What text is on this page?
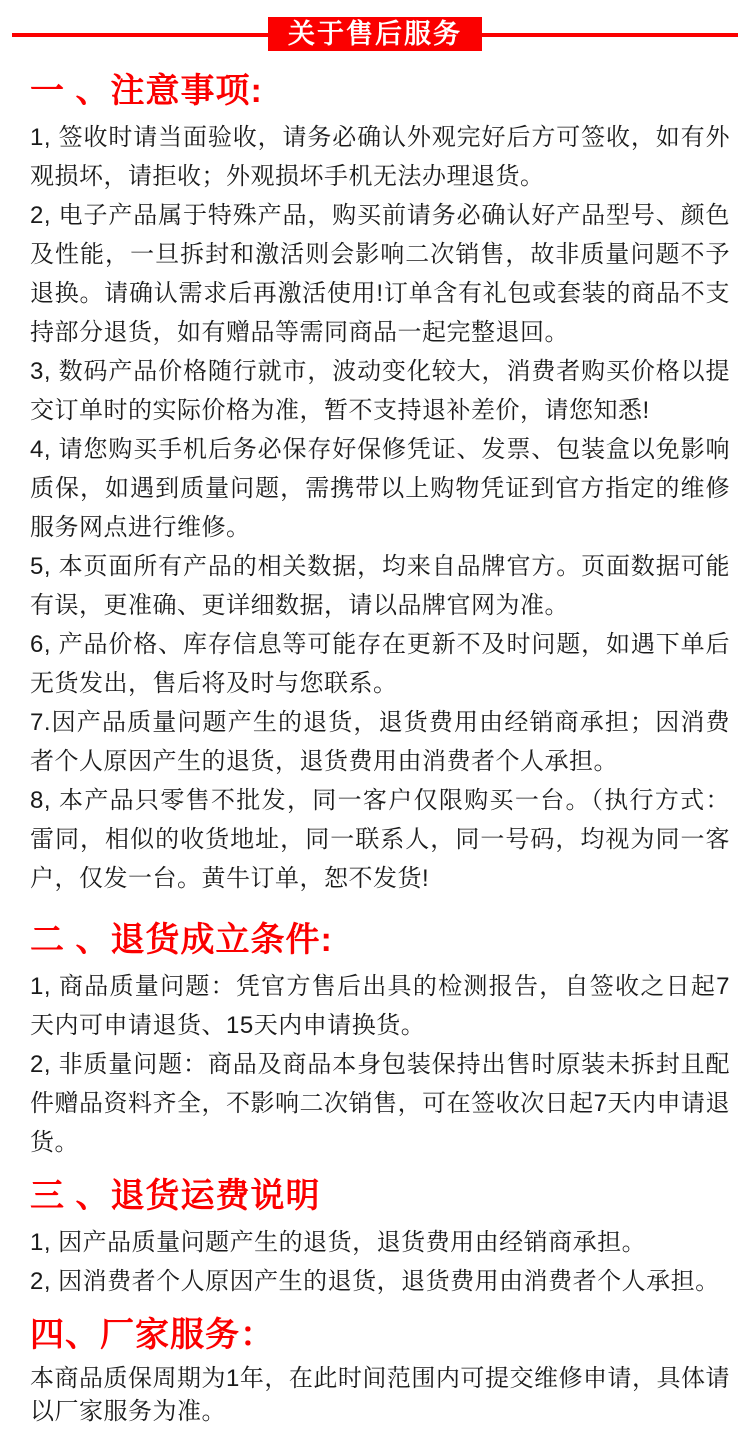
关于售后服务
一 、注意事项:

1, 签收时请当面验收，请务必确认外观完好后方可签收，如有外观损坏，请拒收；外观损坏手机无法办理退货。

2, 电子产品属于特殊产品，购买前请务必确认好产品型号、颜色及性能，一旦拆封和激活则会影响二次销售，故非质量问题不予退换。请确认需求后再激活使用!订单含有礼包或套装的商品不支持部分退货，如有赠品等需同商品一起完整退回。

3, 数码产品价格随行就市，波动变化较大，消费者购买价格以提交订单时的实际价格为准，暂不支持退补差价，请您知悉!

4, 请您购买手机后务必保存好保修凭证、发票、包装盒以免影响质保，如遇到质量问题，需携带以上购物凭证到官方指定的维修服务网点进行维修。

5, 本页面所有产品的相关数据，均来自品牌官方。页面数据可能有误，更准确、更详细数据，请以品牌官网为准。

6, 产品价格、库存信息等可能存在更新不及时问题，如遇下单后无货发出，售后将及时与您联系。

7.因产品质量问题产生的退货，退货费用由经销商承担；因消费者个人原因产生的退货，退货费用由消费者个人承担。

8, 本产品只零售不批发，同一客户仅限购买一台。（执行方式：雷同，相似的收货地址，同一联系人，同一号码，均视为同一客户，仅发一台。黄牛订单，恕不发货!

二 、退货成立条件:

1, 商品质量问题：凭官方售后出具的检测报告，自签收之日起7天内可申请退货、15天内申请换货。

2, 非质量问题：商品及商品本身包装保持出售时原装未拆封且配件赠品资料齐全，不影响二次销售，可在签收次日起7天内申请退货。

三 、退货运费说明

1, 因产品质量问题产生的退货，退货费用由经销商承担。

2, 因消费者个人原因产生的退货，退货费用由消费者个人承担。

四、厂家服务：

本商品质保周期为1年，在此时间范围内可提交维修申请，具体请以厂家服务为准。
